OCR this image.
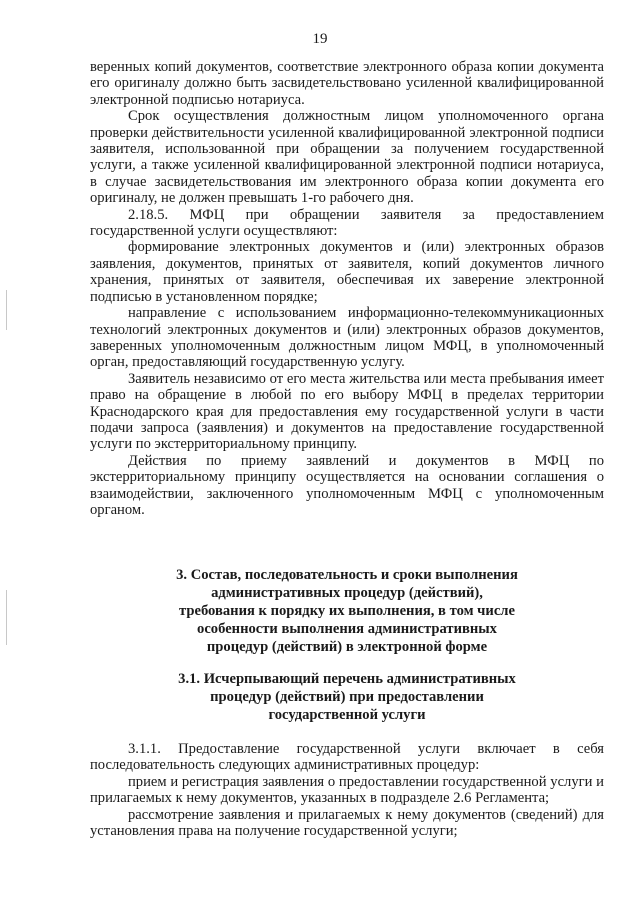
19

веренных копий документов, соответствие электронного образа копии документа его оригиналу должно быть засвидетельствовано усиленной квалифицированной электронной подписью нотариуса.

Срок осуществления должностным лицом уполномоченного органа проверки действительности усиленной квалифицированной электронной подписи заявителя, использованной при обращении за получением государственной услуги, а также усиленной квалифицированной электронной подписи нотариуса, в случае засвидетельствования им электронного образа копии документа его оригиналу, не должен превышать 1-го рабочего дня.

2.18.5. МФЦ при обращении заявителя за предоставлением государственной услуги осуществляют:

формирование электронных документов и (или) электронных образов заявления, документов, принятых от заявителя, копий документов личного хранения, принятых от заявителя, обеспечивая их заверение электронной подписью в установленном порядке;

направление с использованием информационно-телекоммуникационных технологий электронных документов и (или) электронных образов документов, заверенных уполномоченным должностным лицом МФЦ, в уполномоченный орган, предоставляющий государственную услугу.

Заявитель независимо от его места жительства или места пребывания имеет право на обращение в любой по его выбору МФЦ в пределах территории Краснодарского края для предоставления ему государственной услуги в части подачи запроса (заявления) и документов на предоставление государственной услуги по экстерриториальному принципу.

Действия по приему заявлений и документов в МФЦ по экстерриториальному принципу осуществляется на основании соглашения о взаимодействии, заключенного уполномоченным МФЦ с уполномоченным органом.

3. Состав, последовательность и сроки выполнения
административных процедур (действий),
требования к порядку их выполнения, в том числе
особенности выполнения административных
процедур (действий) в электронной форме
3.1. Исчерпывающий перечень административных
процедур (действий) при предоставлении
государственной услуги

3.1.1. Предоставление государственной услуги включает в себя последовательность следующих административных процедур:

прием и регистрация заявления о предоставлении государственной услуги и прилагаемых к нему документов, указанных в подразделе 2.6 Регламента;

рассмотрение заявления и прилагаемых к нему документов (сведений) для установления права на получение государственной услуги;
